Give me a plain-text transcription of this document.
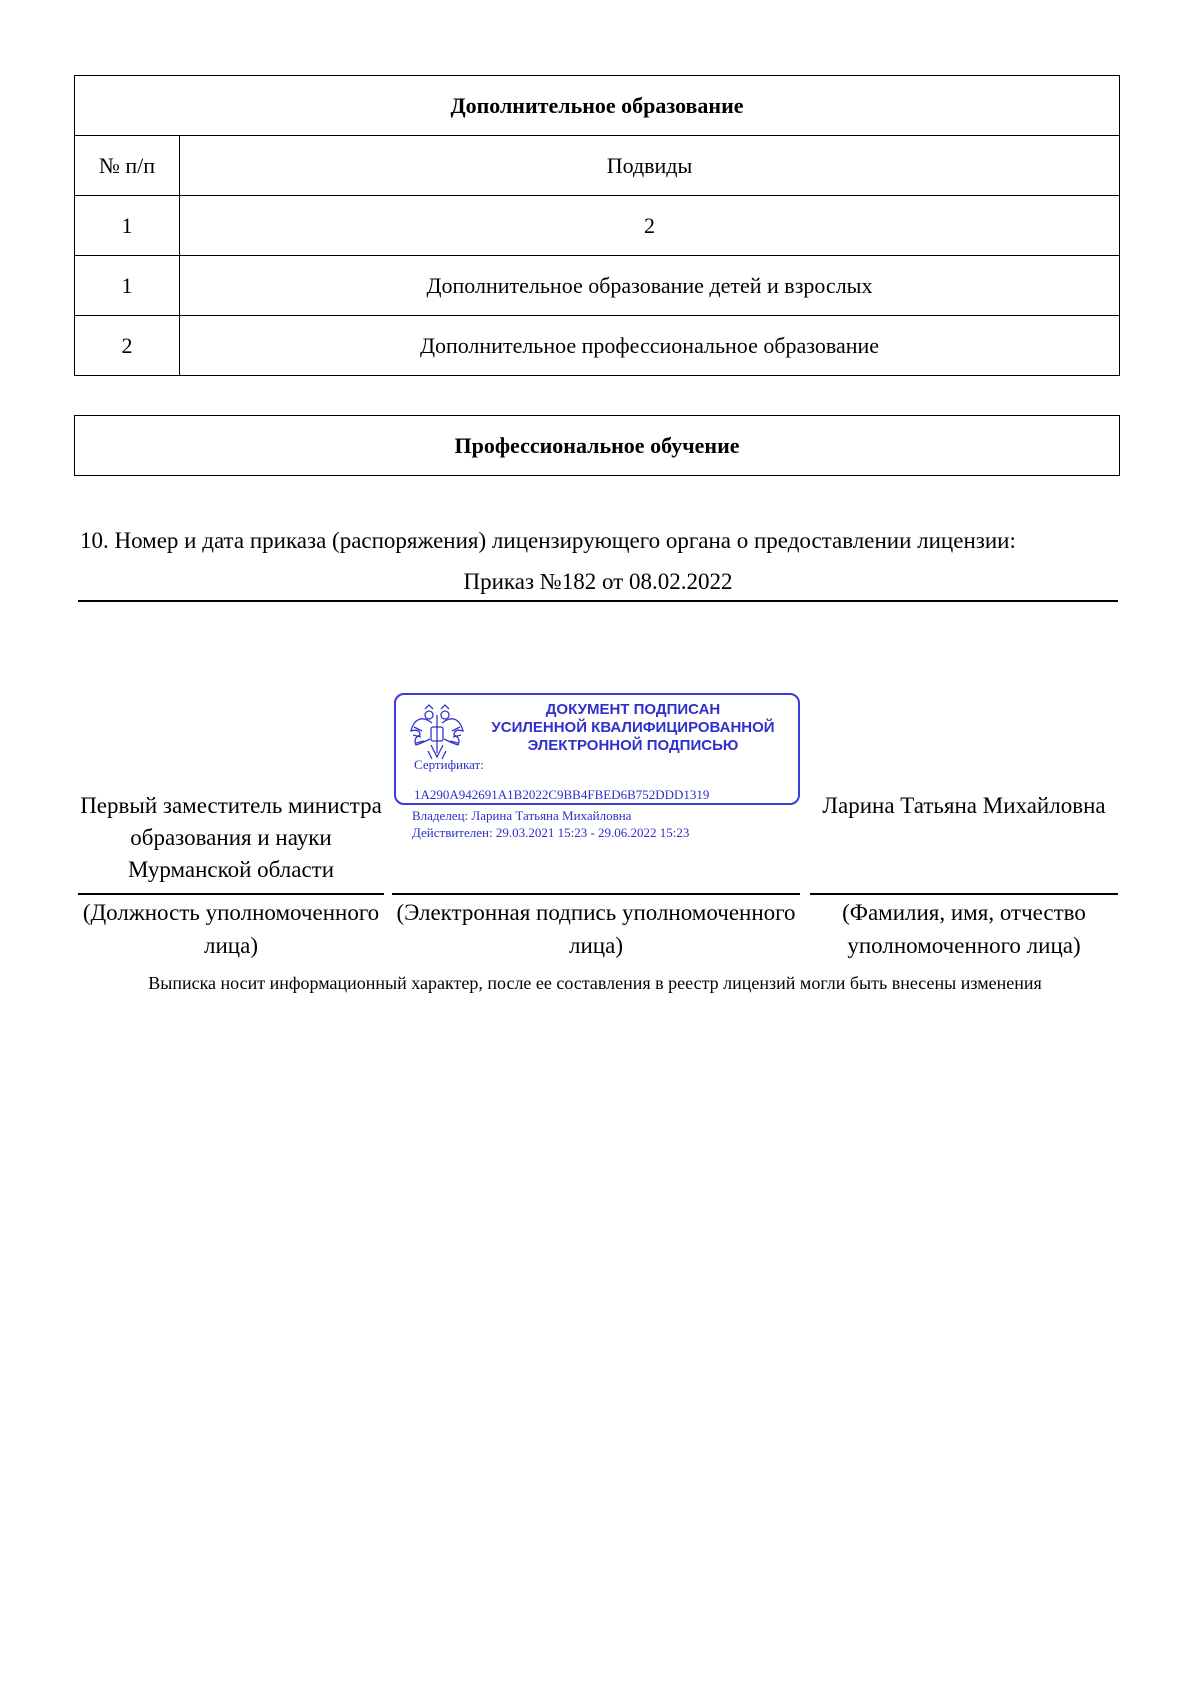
Дополнительное образование	
№ п/п	Подвиды
1	2
1	Дополнительное образование детей и взрослых
2	Дополнительное профессиональное образование
Профессиональное обучение
10. Номер и дата приказа (распоряжения) лицензирующего органа о предоставлении лицензии:
Приказ №182 от 08.02.2022
ДОКУМЕНТ ПОДПИСАН
УСИЛЕННОЙ КВАЛИФИЦИРОВАННОЙ
ЭЛЕКТРОННОЙ ПОДПИСЬЮ
Сертификат:
1A290A942691A1B2022C9BB4FBED6B752DDD1319
Владелец: Ларина Татьяна Михайловна
Действителен: 29.03.2021 15:23 - 29.06.2022 15:23
Первый заместитель министра образования и науки Мурманской области
Ларина Татьяна Михайловна
(Должность уполномоченного лица)
(Электронная подпись уполномоченного лица)
(Фамилия, имя, отчество уполномоченного лица)
Выписка носит информационный характер, после ее составления в реестр лицензий могли быть внесены изменения
